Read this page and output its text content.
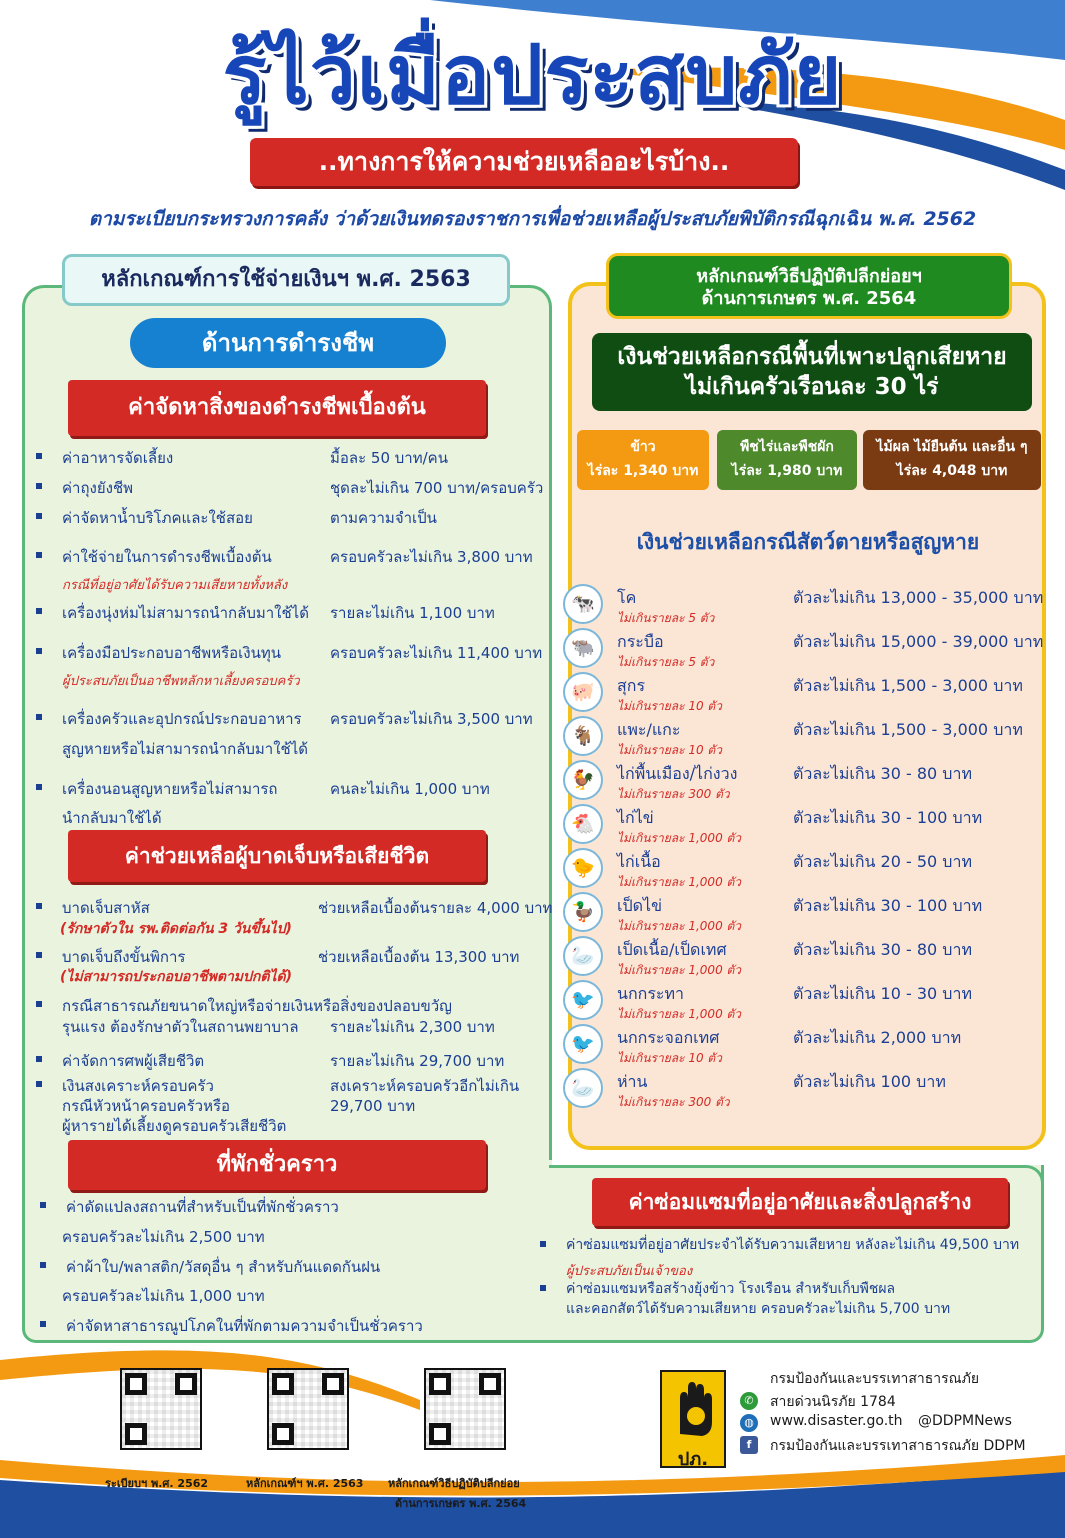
รู้ไว้เมื่อประสบภัย
..ทางการให้ความช่วยเหลืออะไรบ้าง..
ตามระเบียบกระทรวงการคลัง ว่าด้วยเงินทดรองราชการเพื่อช่วยเหลือผู้ประสบภัยพิบัติกรณีฉุกเฉิน พ.ศ. 2562
หลักเกณฑ์การใช้จ่ายเงินฯ พ.ศ. 2563
ด้านการดำรงชีพ
ค่าจัดหาสิ่งของดำรงชีพเบื้องต้น
ค่าอาหารจัดเลี้ยง	มื้อละ 50 บาท/คน
ค่าถุงยังชีพ	ชุดละไม่เกิน 700 บาท/ครอบครัว
ค่าจัดหาน้ำบริโภคและใช้สอย	ตามความจำเป็น
ค่าใช้จ่ายในการดำรงชีพเบื้องต้น	ครอบครัวละไม่เกิน 3,800 บาท
กรณีที่อยู่อาศัยได้รับความเสียหายทั้งหลัง
เครื่องนุ่งห่มไม่สามารถนำกลับมาใช้ได้ รายละไม่เกิน 1,100 บาท
เครื่องมือประกอบอาชีพหรือเงินทุน	ครอบครัวละไม่เกิน 11,400 บาท
ผู้ประสบภัยเป็นอาชีพหลักหาเลี้ยงครอบครัว
เครื่องครัวและอุปกรณ์ประกอบอาหาร
สูญหายหรือไม่สามารถนำกลับมาใช้ได้
ครอบครัวละไม่เกิน 3,500 บาท
เครื่องนอนสูญหายหรือไม่สามารถ
นำกลับมาใช้ได้
คนละไม่เกิน 1,000 บาท
ค่าช่วยเหลือผู้บาดเจ็บหรือเสียชีวิต
บาดเจ็บสาหัส
(รักษาตัวใน รพ.ติดต่อกัน 3 วันขึ้นไป)
ช่วยเหลือเบื้องต้นรายละ 4,000 บาท
บาดเจ็บถึงขั้นพิการ
(ไม่สามารถประกอบอาชีพตามปกติได้)
ช่วยเหลือเบื้องต้น 13,300 บาท
กรณีสาธารณภัยขนาดใหญ่หรือจ่ายเงินหรือสิ่งของปลอบขวัญ
รุนแรง ต้องรักษาตัวในสถานพยาบาล รายละไม่เกิน 2,300 บาท
ค่าจัดการศพผู้เสียชีวิต	รายละไม่เกิน 29,700 บาท
เงินสงเคราะห์ครอบครัว
กรณีหัวหน้าครอบครัวหรือ
ผู้หารายได้เลี้ยงดูครอบครัวเสียชีวิต
สงเคราะห์ครอบครัวอีกไม่เกิน
29,700 บาท
ที่พักชั่วคราว
ค่าดัดแปลงสถานที่สำหรับเป็นที่พักชั่วคราว
ครอบครัวละไม่เกิน 2,500 บาท
ค่าผ้าใบ/พลาสติก/วัสดุอื่น ๆ สำหรับกันแดดกันฝน
ครอบครัวละไม่เกิน 1,000 บาท
ค่าจัดหาสาธารณูปโภคในที่พักตามความจำเป็นชั่วคราว
หลักเกณฑ์วิธีปฏิบัติปลีกย่อยฯ
ด้านการเกษตร พ.ศ. 2564
เงินช่วยเหลือกรณีพื้นที่เพาะปลูกเสียหาย
ไม่เกินครัวเรือนละ 30 ไร่
ข้าว
ไร่ละ 1,340 บาท
พืชไร่และพืชผัก
ไร่ละ 1,980 บาท
ไม้ผล ไม้ยืนต้น และอื่น ๆ
ไร่ละ 4,048 บาท
เงินช่วยเหลือกรณีสัตว์ตายหรือสูญหาย
🐄	โค
ไม่เกินรายละ 5 ตัว
ตัวละไม่เกิน 13,000 - 35,000 บาท
🐃	กระบือ
ไม่เกินรายละ 5 ตัว
ตัวละไม่เกิน 15,000 - 39,000 บาท
🐖	สุกร
ไม่เกินรายละ 10 ตัว
ตัวละไม่เกิน 1,500 - 3,000 บาท
🐐	แพะ/แกะ
ไม่เกินรายละ 10 ตัว
ตัวละไม่เกิน 1,500 - 3,000 บาท
🐓	ไก่พื้นเมือง/ไก่งวง
ไม่เกินรายละ 300 ตัว
ตัวละไม่เกิน 30 - 80 บาท
🐔	ไก่ไข่
ไม่เกินรายละ 1,000 ตัว
ตัวละไม่เกิน 30 - 100 บาท
🐤	ไก่เนื้อ
ไม่เกินรายละ 1,000 ตัว
ตัวละไม่เกิน 20 - 50 บาท
🦆	เป็ดไข่
ไม่เกินรายละ 1,000 ตัว
ตัวละไม่เกิน 30 - 100 บาท
🦢	เป็ดเนื้อ/เป็ดเทศ
ไม่เกินรายละ 1,000 ตัว
ตัวละไม่เกิน 30 - 80 บาท
🐦	นกกระทา
ไม่เกินรายละ 1,000 ตัว
ตัวละไม่เกิน 10 - 30 บาท
🐦	นกกระจอกเทศ
ไม่เกินรายละ 10 ตัว
ตัวละไม่เกิน 2,000 บาท
🦢	ห่าน
ไม่เกินรายละ 300 ตัว
ตัวละไม่เกิน 100 บาท
ค่าซ่อมแซมที่อยู่อาศัยและสิ่งปลูกสร้าง
ค่าซ่อมแซมที่อยู่อาศัยประจำได้รับความเสียหาย หลังละไม่เกิน 49,500 บาท
ผู้ประสบภัยเป็นเจ้าของ
ค่าซ่อมแซมหรือสร้างยุ้งข้าว โรงเรือน สำหรับเก็บพืชผล
และคอกสัตว์ได้รับความเสียหาย ครอบครัวละไม่เกิน 5,700 บาท
ระเบียบฯ พ.ศ. 2562	หลักเกณฑ์ฯ พ.ศ. 2563 หลักเกณฑ์วิธีปฏิบัติปลีกย่อย
ด้านการเกษตร พ.ศ. 2564
ปภ.
กรมป้องกันและบรรเทาสาธารณภัย
✆	สายด่วนนิรภัย 1784
◍	www.disaster.go.th @DDPMNews
f	กรมป้องกันและบรรเทาสาธารณภัย DDPM
